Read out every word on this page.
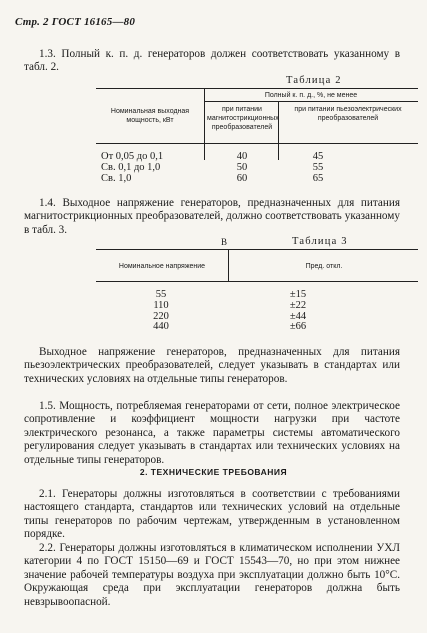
Стр. 2 ГОСТ 16165—80
1.3. Полный к. п. д. генераторов должен соответствовать указанному в табл. 2.
Таблица 2
Номинальная выходная мощность, кВт
Полный к. п. д., %, не менее
при питании магнитострикционных преобразователей
при питании пьезоэлектрических преобразователей
От 0,05 до 0,1
Св. 0,1 до 1,0
Св. 1,0
40
50
60
45
55
65
1.4. Выходное напряжение генераторов, предназначенных для питания магнитострикционных преобразователей, должно соответствовать указанному в табл. 3.
В	Таблица 3
Номинальное напряжение	Пред. откл.
55
110
220
440
±15
±22
±44
±66
Выходное напряжение генераторов, предназначенных для питания пьезоэлектрических преобразователей, следует указывать в стандартах или технических условиях на отдельные типы генераторов.
1.5. Мощность, потребляемая генераторами от сети, полное электрическое сопротивление и коэффициент мощности нагрузки при частоте электрического резонанса, а также параметры системы автоматического регулирования следует указывать в стандартах или технических условиях на отдельные типы генераторов.
2. ТЕХНИЧЕСКИЕ ТРЕБОВАНИЯ
2.1. Генераторы должны изготовляться в соответствии с требованиями настоящего стандарта, стандартов или технических условий на отдельные типы генераторов по рабочим чертежам, утвержденным в установленном порядке.
2.2. Генераторы должны изготовляться в климатическом исполнении УХЛ категории 4 по ГОСТ 15150—69 и ГОСТ 15543—70, но при этом нижнее значение рабочей температуры воздуха при эксплуатации должно быть 10°С. Окружающая среда при эксплуатации генераторов должна быть невзрывоопасной.
